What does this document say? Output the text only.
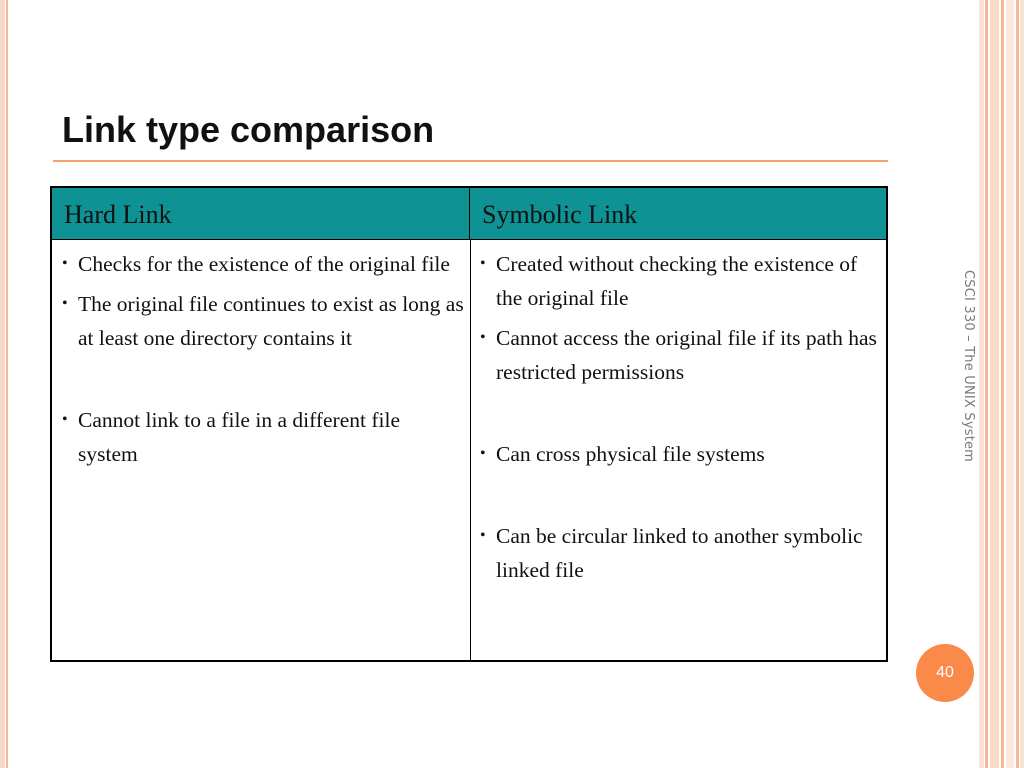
Link type comparison
Hard Link	Symbolic Link
• Checks for the existence of the original file
• The original file continues to exist as long as at least one directory contains it
• Cannot link to a file in a different file system
• Created without checking the existence of the original file
• Cannot access the original file if its path has restricted permissions
• Can cross physical file systems
• Can be circular linked to another symbolic linked file
CSCI 330 – The UNIX System
40
